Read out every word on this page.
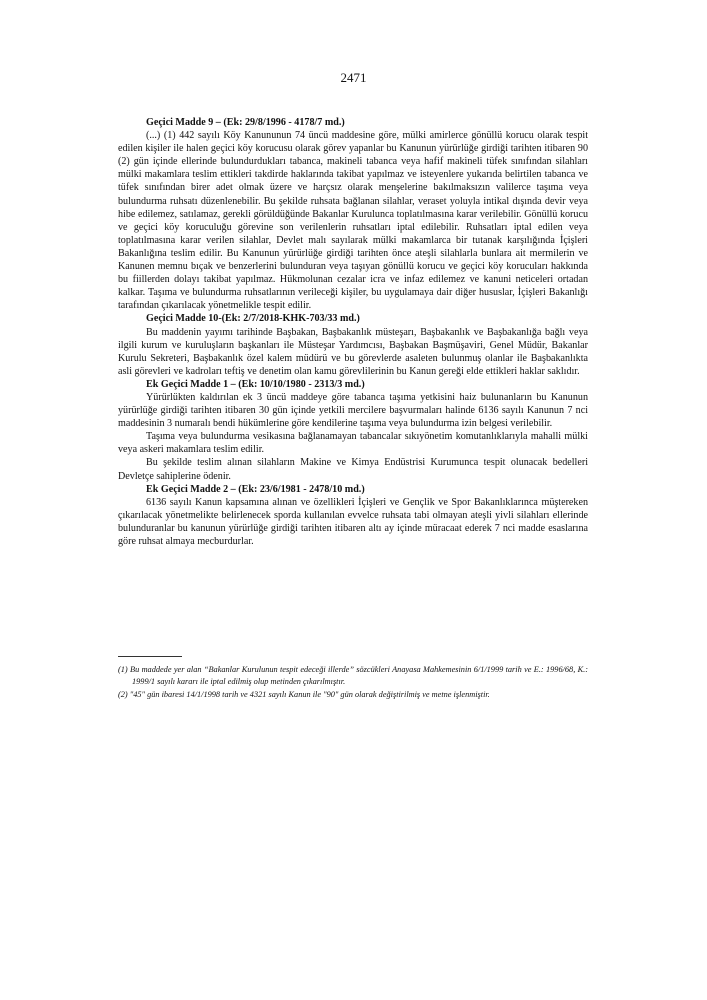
2471
Geçici Madde 9 – (Ek: 29/8/1996 - 4178/7 md.)

(...) (1) 442 sayılı Köy Kanununun 74 üncü maddesine göre, mülki amirlerce gönüllü korucu olarak tespit edilen kişiler ile halen geçici köy korucusu olarak görev yapanlar bu Kanunun yürürlüğe girdiği tarihten itibaren 90 (2) gün içinde ellerinde bulundurdukları tabanca, makineli tabanca veya hafif makineli tüfek sınıfından silahları mülki makamlara teslim ettikleri takdirde haklarında takibat yapılmaz ve isteyenlere yukarıda belirtilen tabanca ve tüfek sınıfından birer adet olmak üzere ve harçsız olarak menşelerine bakılmaksızın valilerce taşıma veya bulundurma ruhsatı düzenlenebilir. Bu şekilde ruhsata bağlanan silahlar, veraset yoluyla intikal dışında devir veya hibe edilemez, satılamaz, gerekli görüldüğünde Bakanlar Kurulunca toplatılmasına karar verilebilir. Gönüllü korucu ve geçici köy koruculuğu görevine son verilenlerin ruhsatları iptal edilebilir. Ruhsatları iptal edilen veya toplatılmasına karar verilen silahlar, Devlet malı sayılarak mülki makamlarca bir tutanak karşılığında İçişleri Bakanlığına teslim edilir. Bu Kanunun yürürlüğe girdiği tarihten önce ateşli silahlarla bunlara ait mermilerin ve Kanunen memnu bıçak ve benzerlerini bulunduran veya taşıyan gönüllü korucu ve geçici köy korucuları hakkında bu fiillerden dolayı takibat yapılmaz. Hükmolunan cezalar icra ve infaz edilemez ve kanuni neticeleri ortadan kalkar. Taşıma ve bulundurma ruhsatlarının verileceği kişiler, bu uygulamaya dair diğer hususlar, İçişleri Bakanlığı tarafından çıkarılacak yönetmelikle tespit edilir.

Geçici Madde 10-(Ek: 2/7/2018-KHK-703/33 md.)

Bu maddenin yayımı tarihinde Başbakan, Başbakanlık müsteşarı, Başbakanlık ve Başbakanlığa bağlı veya ilgili kurum ve kuruluşların başkanları ile Müsteşar Yardımcısı, Başbakan Başmüşaviri, Genel Müdür, Bakanlar Kurulu Sekreteri, Başbakanlık özel kalem müdürü ve bu görevlerde asaleten bulunmuş olanlar ile Başbakanlıkta asli görevleri ve kadroları teftiş ve denetim olan kamu görevlilerinin bu Kanun gereği elde ettikleri haklar saklıdır.

Ek Geçici Madde 1 – (Ek: 10/10/1980 - 2313/3 md.)

Yürürlükten kaldırılan ek 3 üncü maddeye göre tabanca taşıma yetkisini haiz bulunanların bu Kanunun yürürlüğe girdiği tarihten itibaren 30 gün içinde yetkili mercilere başvurmaları halinde 6136 sayılı Kanunun 7 nci maddesinin 3 numaralı bendi hükümlerine göre kendilerine taşıma veya bulundurma izin belgesi verilebilir.

Taşıma veya bulundurma vesikasına bağlanamayan tabancalar sıkıyönetim komutanlıklarıyla mahalli mülki veya askeri makamlara teslim edilir.

Bu şekilde teslim alınan silahların Makine ve Kimya Endüstrisi Kurumunca tespit olunacak bedelleri Devletçe sahiplerine ödenir.

Ek Geçici Madde 2 – (Ek: 23/6/1981 - 2478/10 md.)

6136 sayılı Kanun kapsamına alınan ve özellikleri İçişleri ve Gençlik ve Spor Bakanlıklarınca müştereken çıkarılacak yönetmelikte belirlenecek sporda kullanılan evvelce ruhsata tabi olmayan ateşli yivli silahları ellerinde bulunduranlar bu kanunun yürürlüğe girdiği tarihten itibaren altı ay içinde müracaat ederek 7 nci madde esaslarına göre ruhsat almaya mecburdurlar.

(1) Bu maddede yer alan “Bakanlar Kurulunun tespit edeceği illerde” sözcükleri Anayasa Mahkemesinin 6/1/1999 tarih ve E.: 1996/68, K.: 1999/1 sayılı kararı ile iptal edilmiş olup metinden çıkarılmıştır.

(2) "45" gün ibaresi 14/1/1998 tarih ve 4321 sayılı Kanun ile "90" gün olarak değiştirilmiş ve metne işlenmiştir.
